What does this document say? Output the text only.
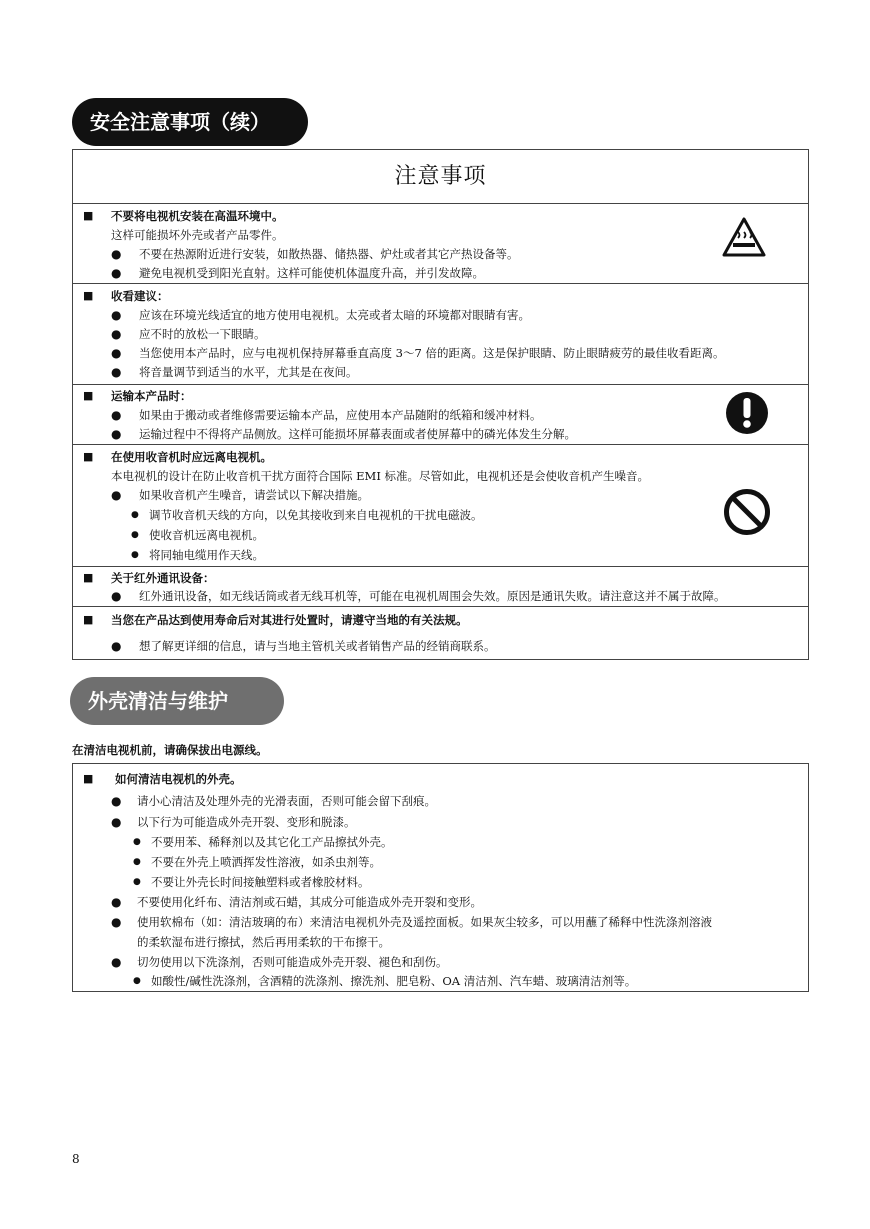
安全注意事项（续）
注意事项
■ 不要将电视机安装在高温环境中。
这样可能损坏外壳或者产品零件。
● 不要在热源附近进行安装，如散热器、储热器、炉灶或者其它产热设备等。
● 避免电视机受到阳光直射。这样可能使机体温度升高，并引发故障。
■ 收看建议：
● 应该在环境光线适宜的地方使用电视机。太亮或者太暗的环境都对眼睛有害。
● 应不时的放松一下眼睛。
● 当您使用本产品时，应与电视机保持屏幕垂直高度 3～7 倍的距离。这是保护眼睛、防止眼睛疲劳的最佳收看距离。
● 将音量调节到适当的水平，尤其是在夜间。
■ 运输本产品时：
● 如果由于搬动或者维修需要运输本产品，应使用本产品随附的纸箱和缓冲材料。
● 运输过程中不得将产品侧放。这样可能损坏屏幕表面或者使屏幕中的磷光体发生分解。
■ 在使用收音机时应远离电视机。
本电视机的设计在防止收音机干扰方面符合国际 EMI 标准。尽管如此，电视机还是会使收音机产生噪音。
● 如果收音机产生噪音，请尝试以下解决措施。
● 调节收音机天线的方向，以免其接收到来自电视机的干扰电磁波。
● 使收音机远离电视机。
● 将同轴电缆用作天线。
■ 关于红外通讯设备：
● 红外通讯设备，如无线话筒或者无线耳机等，可能在电视机周围会失效。原因是通讯失败。请注意这并不属于故障。
■ 当您在产品达到使用寿命后对其进行处置时，请遵守当地的有关法规。
● 想了解更详细的信息，请与当地主管机关或者销售产品的经销商联系。
外壳清洁与维护
在清洁电视机前，请确保拔出电源线。
■ 如何清洁电视机的外壳。
● 请小心清洁及处理外壳的光滑表面，否则可能会留下刮痕。
● 以下行为可能造成外壳开裂、变形和脱漆。
● 不要用苯、稀释剂以及其它化工产品擦拭外壳。
● 不要在外壳上喷洒挥发性溶液，如杀虫剂等。
● 不要让外壳长时间接触塑料或者橡胶材料。
● 不要使用化纤布、清洁剂或石蜡，其成分可能造成外壳开裂和变形。
● 使用软棉布（如：清洁玻璃的布）来清洁电视机外壳及遥控面板。如果灰尘较多，可以用蘸了稀释中性洗涤剂溶液
的柔软湿布进行擦拭，然后再用柔软的干布擦干。
● 切勿使用以下洗涤剂，否则可能造成外壳开裂、褪色和刮伤。
● 如酸性/碱性洗涤剂，含酒精的洗涤剂、擦洗剂、肥皂粉、OA 清洁剂、汽车蜡、玻璃清洁剂等。
8
